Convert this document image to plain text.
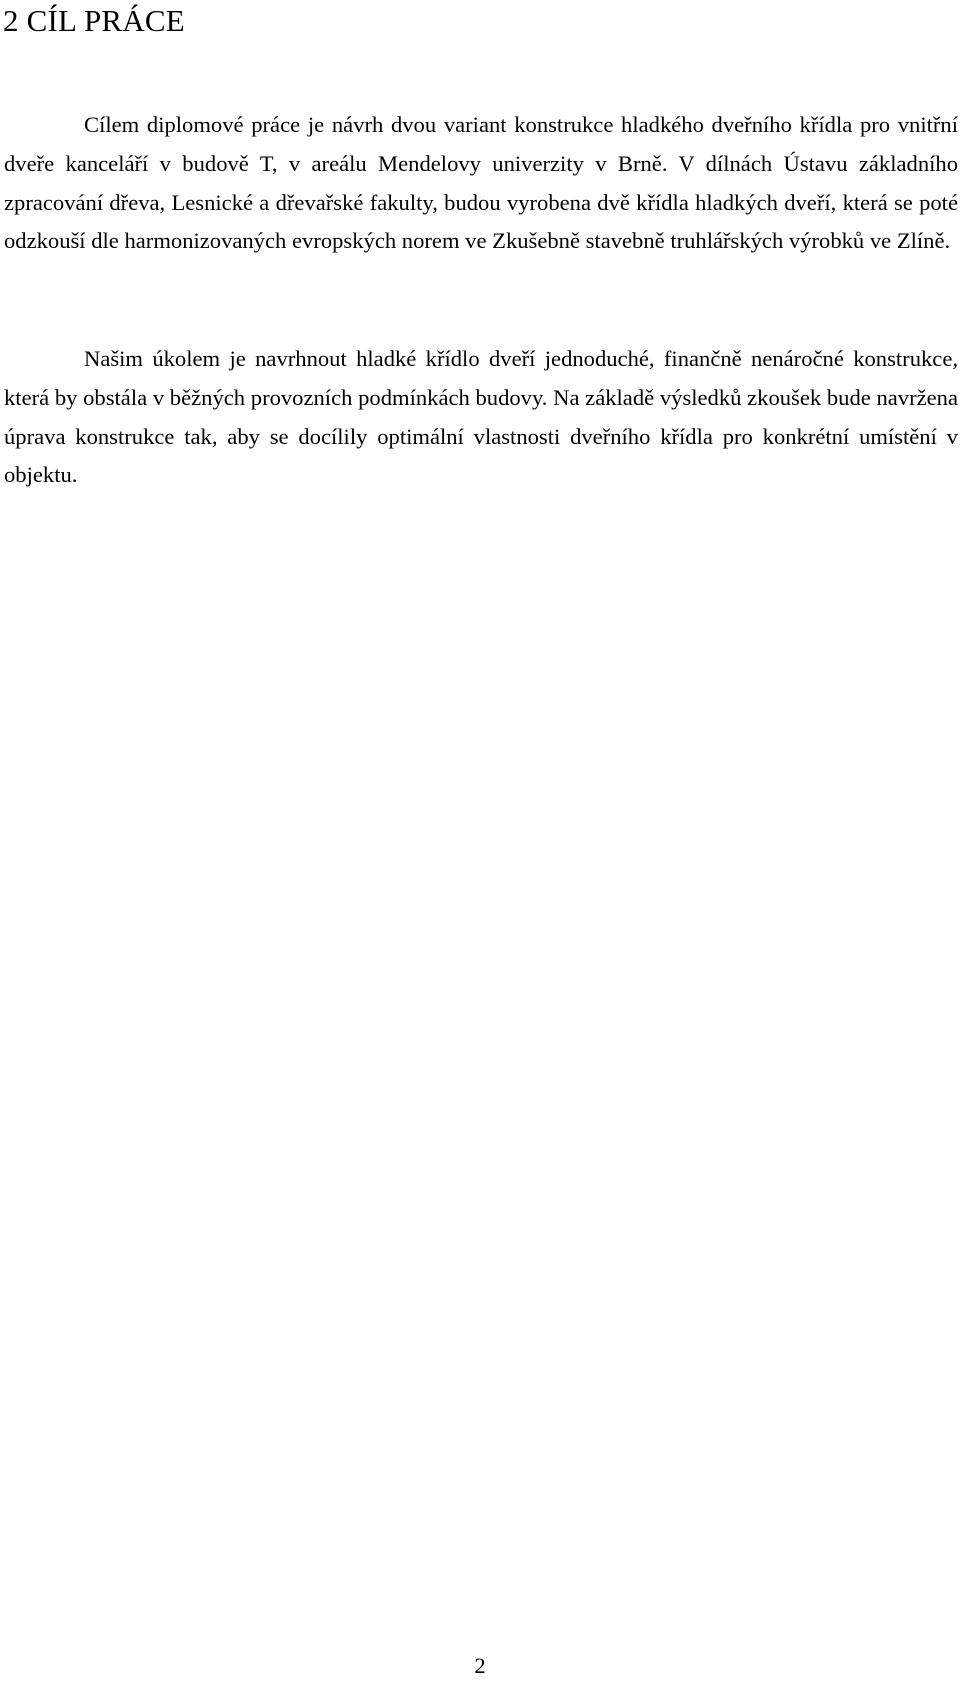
2 CÍL PRÁCE

Cílem diplomové práce je návrh dvou variant konstrukce hladkého dveřního křídla pro vnitřní dveře kanceláří v budově T, v areálu Mendelovy univerzity v Brně. V dílnách Ústavu základního zpracování dřeva, Lesnické a dřevařské fakulty, budou vyrobena dvě křídla hladkých dveří, která se poté odzkouší dle harmonizovaných evropských norem ve Zkušebně stavebně truhlářských výrobků ve Zlíně.

Našim úkolem je navrhnout hladké křídlo dveří jednoduché, finančně nenáročné konstrukce, která by obstála v běžných provozních podmínkách budovy. Na základě výsledků zkoušek bude navržena úprava konstrukce tak, aby se docílily optimální vlastnosti dveřního křídla pro konkrétní umístění v objektu.

2
